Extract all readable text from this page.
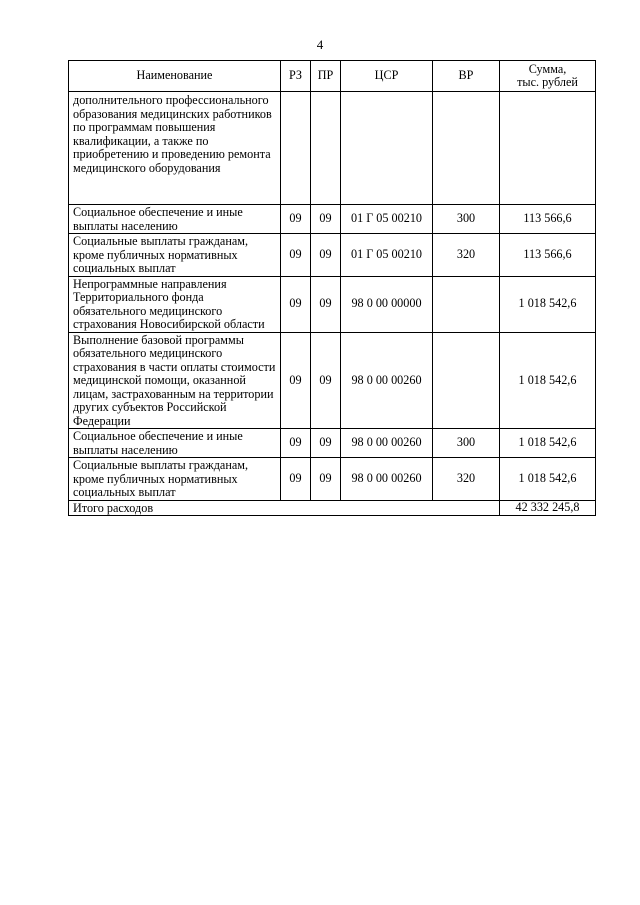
4
Наименование	РЗ	ПР	ЦСР	ВР	Сумма,
тыс. рублей

дополнительного профессионального образования медицинских работников по программам повышения квалификации, а также по приобретению и проведению ремонта медицинского оборудования					
Социальное обеспечение и иные выплаты населению	09	09	01 Г 05 00210	300	113 566,6
Социальные выплаты гражданам, кроме публичных нормативных социальных выплат	09	09	01 Г 05 00210	320	113 566,6
Непрограммные направления Территориального фонда обязательного медицинского страхования Новосибирской области	09	09	98 0 00 00000		1 018 542,6
Выполнение базовой программы обязательного медицинского страхования в части оплаты стоимости медицинской помощи, оказанной лицам, застрахованным на территории других субъектов Российской Федерации	09	09	98 0 00 00260		1 018 542,6
Социальное обеспечение и иные выплаты населению	09	09	98 0 00 00260	300	1 018 542,6
Социальные выплаты гражданам, кроме публичных нормативных социальных выплат	09	09	98 0 00 00260	320	1 018 542,6
Итого расходов					42 332 245,8
